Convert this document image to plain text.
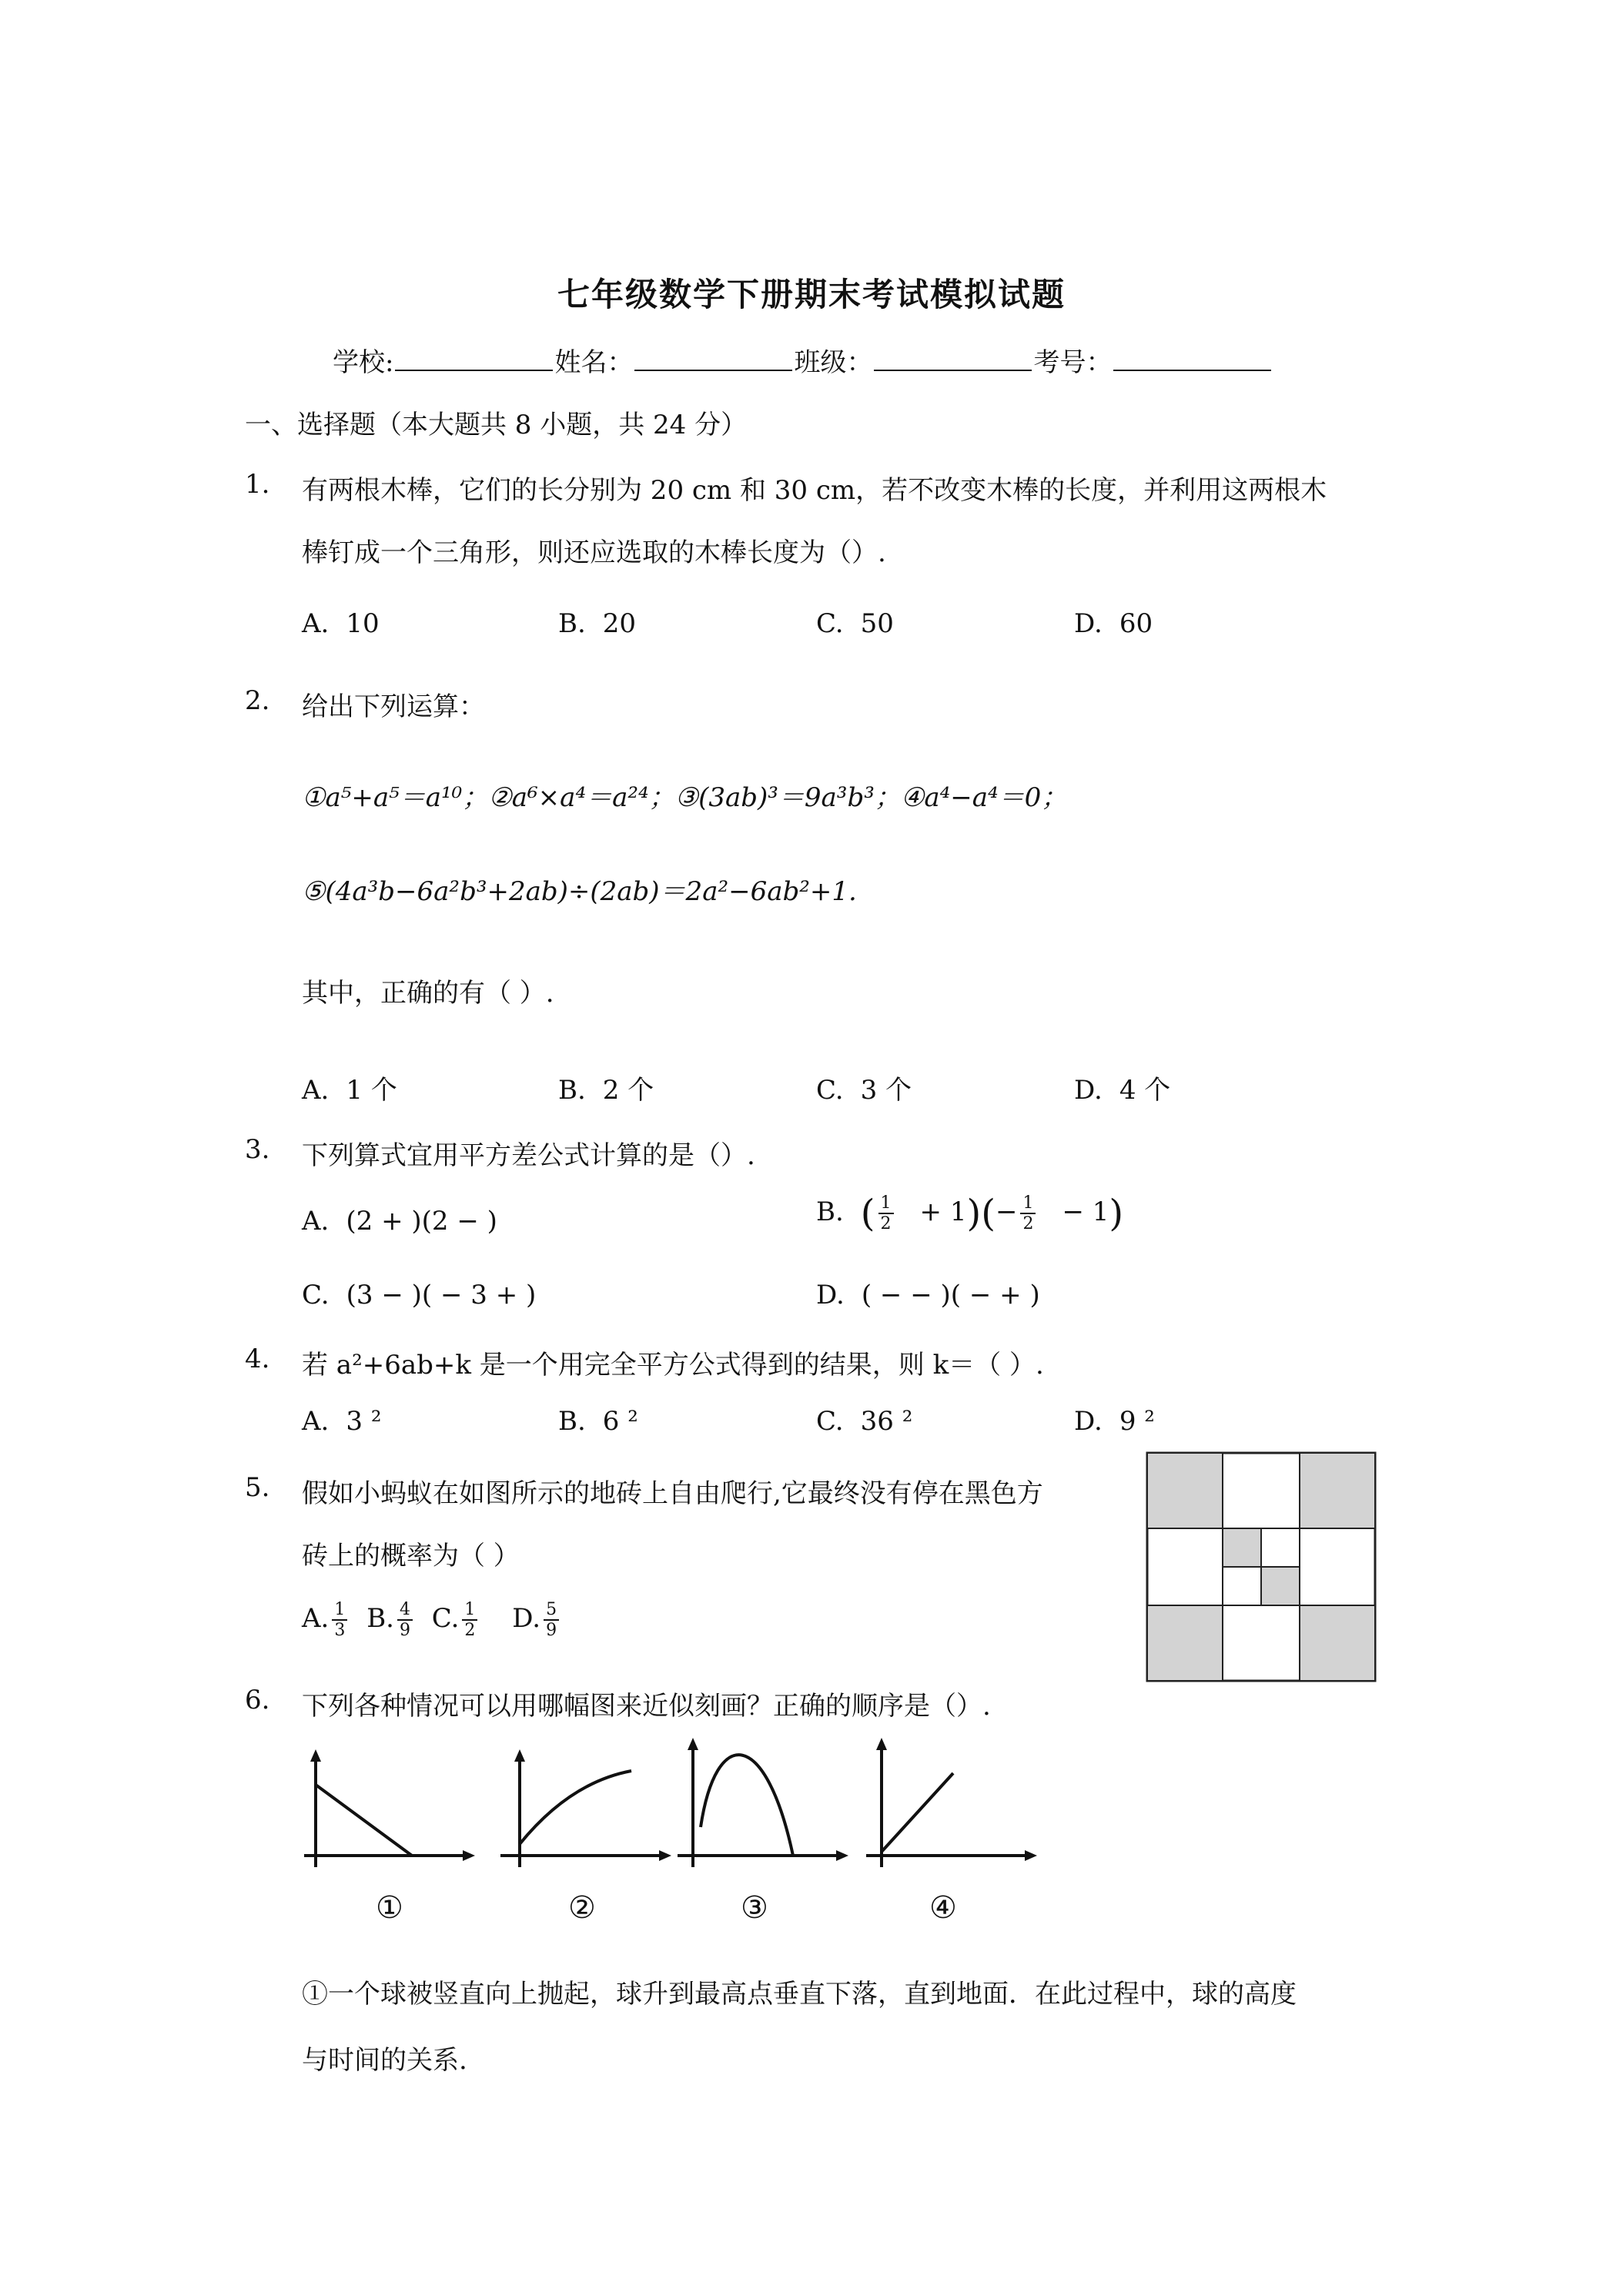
七年级数学下册期末考试模拟试题
学校:	姓名：	班级：	考号：
一、选择题（本大题共 8 小题，共 24 分）
1. 有两根木棒，它们的长分别为 20 cm 和 30 cm，若不改变木棒的长度，并利用这两根木
棒钉成一个三角形，则还应选取的木棒长度为（）.
A. 10	B. 20	C. 50	D. 60
2. 给出下列运算：
①a⁵+a⁵＝a¹⁰；②a⁶×a⁴＝a²⁴；③(3ab)³＝9a³b³；④a⁴−a⁴＝0；
⑤(4a³b−6a²b³+2ab)÷(2ab)＝2a²−6ab²+1.
其中，正确的有（ ）.
A. 1 个	B. 2 个	C. 3 个	D. 4 个
3. 下列算式宜用平方差公式计算的是（）.
A. (2 + )(2 − )	B. ( $\frac{1}{2} + 1)(- \frac{1}{2} - 1)$
C. (3 − )( − 3 + )	D. ( − − )( − + )
4. 若 a²+6ab+k 是一个用完全平方公式得到的结果，则 k＝（ ）.
A. 3 ²	B. 6 ²	C. 36 ²	D. 9 ²
5. 假如小蚂蚁在如图所示的地砖上自由爬行,它最终没有停在黑色方
砖上的概率为（ ）
A. $\frac{1}{3} B$. $\frac{4}{9} C$. $\frac{1}{2} D$. $\frac{5}{9}$
6. 下列各种情况可以用哪幅图来近似刻画？正确的顺序是（）.
①	②	③	④
①一个球被竖直向上抛起，球升到最高点垂直下落，直到地面．在此过程中，球的高度
与时间的关系.
